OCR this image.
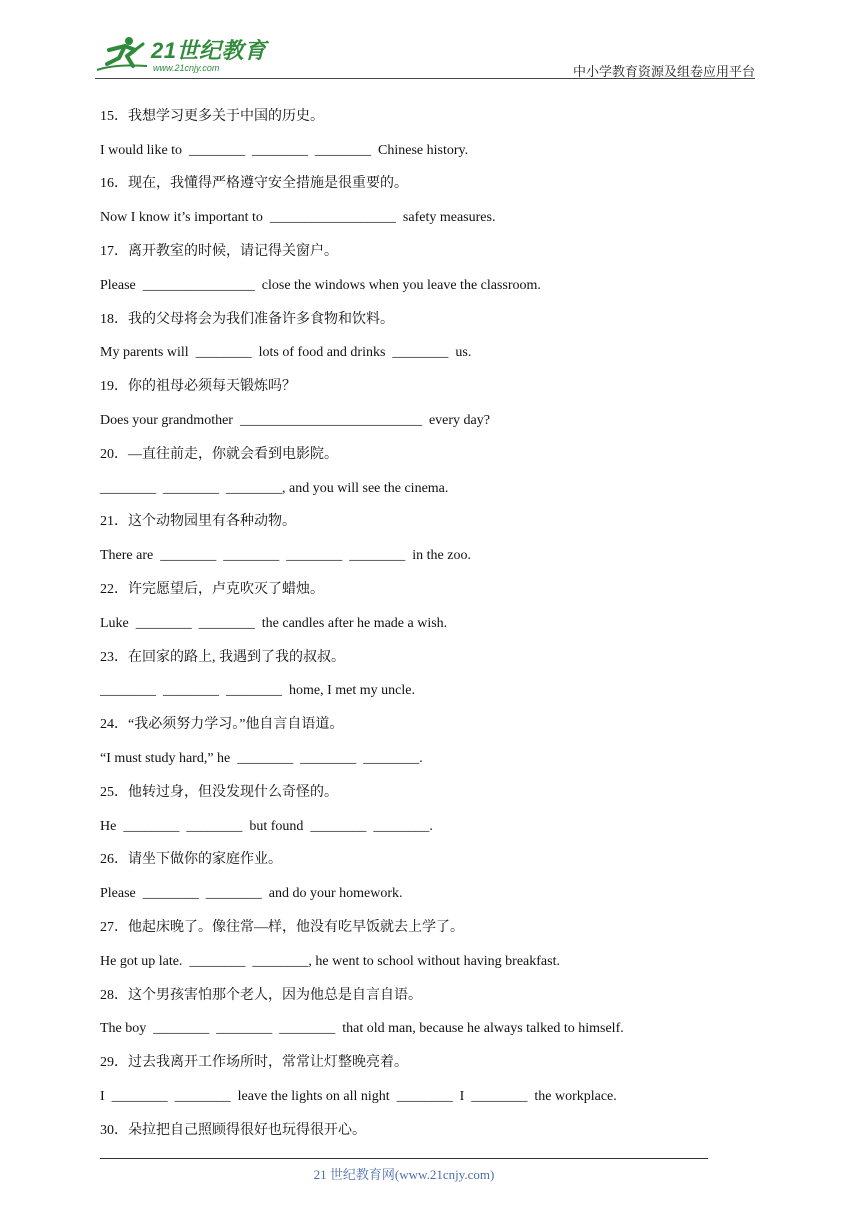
21世纪教育
www.21cnjy.com	中小学教育资源及组卷应用平台
15．我想学习更多关于中国的历史。
I would like to  ________  ________  ________  Chinese history.
16．现在，我懂得严格遵守安全措施是很重要的。
Now I know it’s important to  __________________  safety measures.
17．离开教室的时候，请记得关窗户。
Please  ________________  close the windows when you leave the classroom.
18．我的父母将会为我们准备许多食物和饮料。
My parents will  ________  lots of food and drinks  ________  us.
19．你的祖母必须每天锻炼吗？
Does your grandmother  __________________________  every day?
20．—直往前走，你就会看到电影院。
________  ________  ________, and you will see the cinema.
21．这个动物园里有各种动物。
There are  ________  ________  ________  ________  in the zoo.
22．许完愿望后，卢克吹灭了蜡烛。
Luke  ________  ________  the candles after he made a wish.
23．在回家的路上, 我遇到了我的叔叔。
________  ________  ________  home, I met my uncle.
24．“我必须努力学习。”他自言自语道。
“I must study hard,” he  ________  ________  ________.
25．他转过身，但没发现什么奇怪的。
He  ________  ________  but found  ________  ________.
26．请坐下做你的家庭作业。
Please  ________  ________  and do your homework.
27．他起床晚了。像往常—样，他没有吃早饭就去上学了。
He got up late.  ________  ________, he went to school without having breakfast.
28．这个男孩害怕那个老人，因为他总是自言自语。
The boy  ________  ________  ________  that old man, because he always talked to himself.
29．过去我离开工作场所时，常常让灯整晚亮着。
I  ________  ________  leave the lights on all night  ________  I  ________  the workplace.
30．朵拉把自己照顾得很好也玩得很开心。
21 世纪教育网(www.21cnjy.com)
